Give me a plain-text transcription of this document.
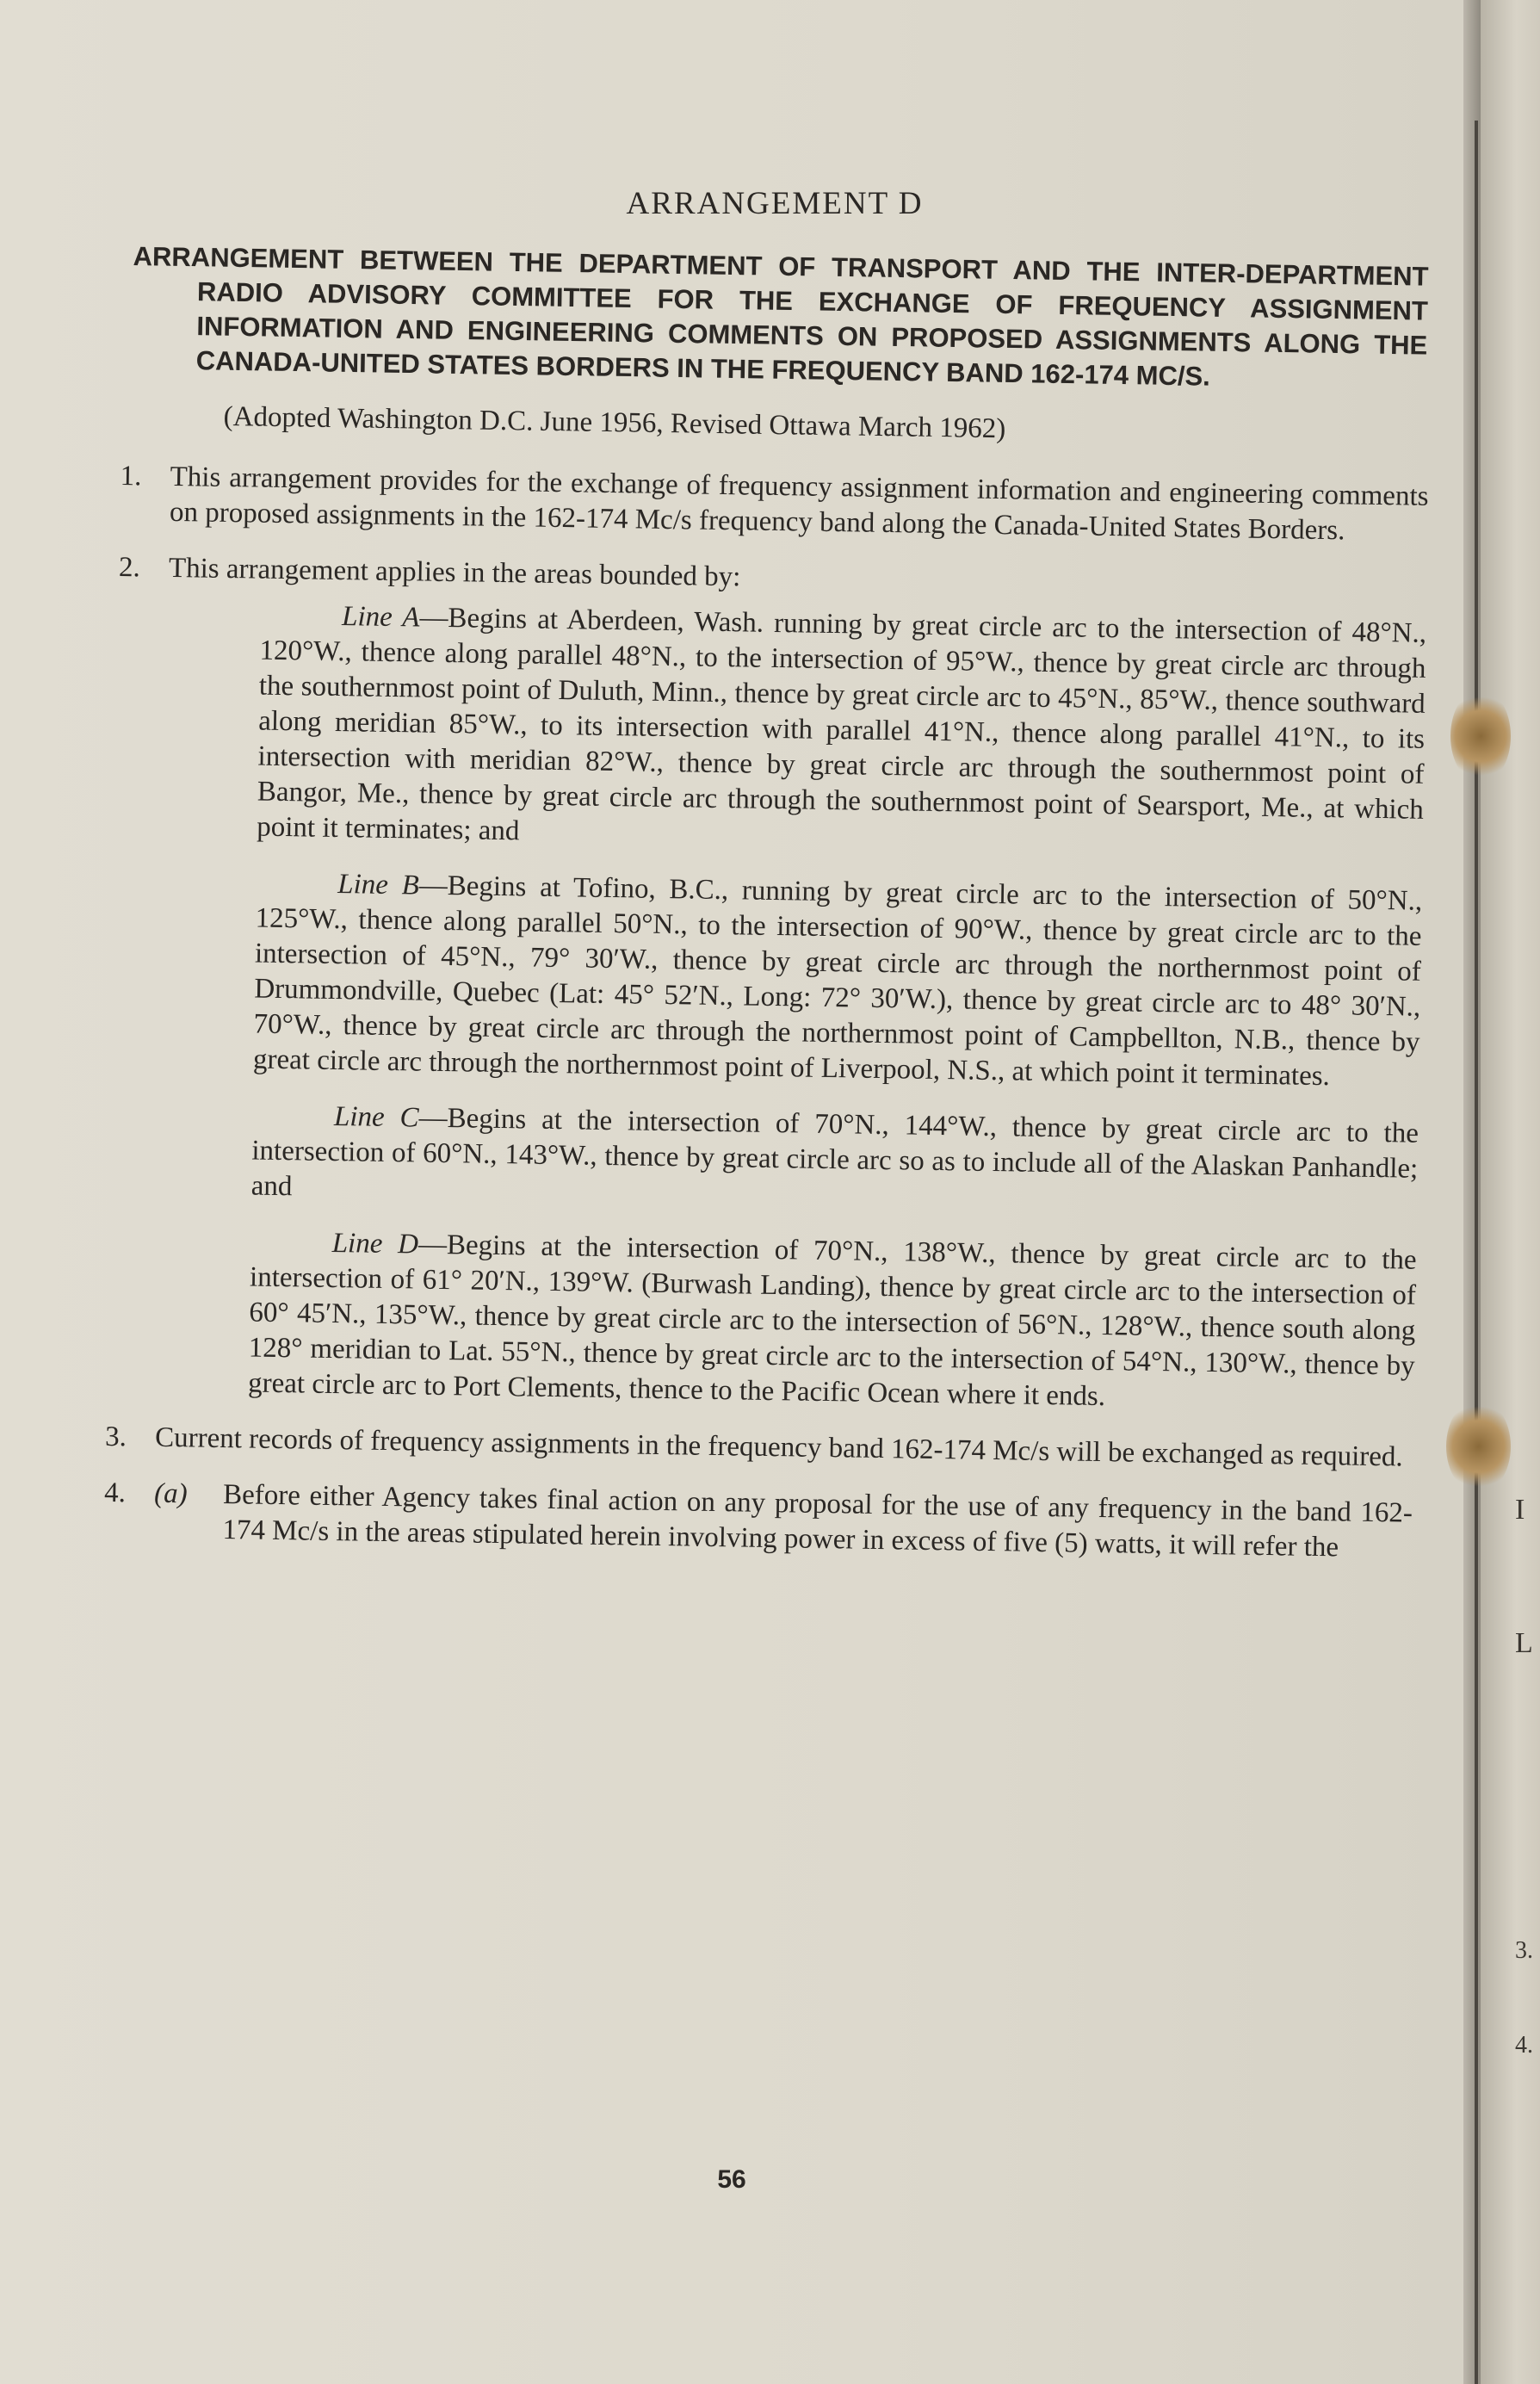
I
L
3.
4.
ARRANGEMENT D
ARRANGEMENT BETWEEN THE DEPARTMENT OF TRANSPORT AND THE INTER-DEPARTMENT RADIO ADVISORY COMMITTEE FOR THE EXCHANGE OF FREQUENCY ASSIGNMENT INFORMATION AND ENGINEERING COMMENTS ON PROPOSED ASSIGNMENTS ALONG THE CANADA-UNITED STATES BORDERS IN THE FREQUENCY BAND 162-174 MC/S.
(Adopted Washington D.C. June 1956, Revised Ottawa March 1962)
1. This arrangement provides for the exchange of frequency assignment information and engineering comments on proposed assignments in the 162-174 Mc/s frequency band along the Canada-United States Borders.
2. This arrangement applies in the areas bounded by:
Line A—Begins at Aberdeen, Wash. running by great circle arc to the intersection of 48°N., 120°W., thence along parallel 48°N., to the intersection of 95°W., thence by great circle arc through the southernmost point of Duluth, Minn., thence by great circle arc to 45°N., 85°W., thence southward along meridian 85°W., to its intersection with parallel 41°N., thence along parallel 41°N., to its intersection with meridian 82°W., thence by great circle arc through the southernmost point of Bangor, Me., thence by great circle arc through the southernmost point of Searsport, Me., at which point it terminates; and
Line B—Begins at Tofino, B.C., running by great circle arc to the intersection of 50°N., 125°W., thence along parallel 50°N., to the intersection of 90°W., thence by great circle arc to the intersection of 45°N., 79° 30′W., thence by great circle arc through the northernmost point of Drummondville, Quebec (Lat: 45° 52′N., Long: 72° 30′W.), thence by great circle arc to 48° 30′N., 70°W., thence by great circle arc through the northernmost point of Campbellton, N.B., thence by great circle arc through the northernmost point of Liverpool, N.S., at which point it terminates.
Line C—Begins at the intersection of 70°N., 144°W., thence by great circle arc to the intersection of 60°N., 143°W., thence by great circle arc so as to include all of the Alaskan Panhandle; and
Line D—Begins at the intersection of 70°N., 138°W., thence by great circle arc to the intersection of 61° 20′N., 139°W. (Burwash Landing), thence by great circle arc to the intersection of 60° 45′N., 135°W., thence by great circle arc to the intersection of 56°N., 128°W., thence south along 128° meridian to Lat. 55°N., thence by great circle arc to the intersection of 54°N., 130°W., thence by great circle arc to Port Clements, thence to the Pacific Ocean where it ends.
3. Current records of frequency assignments in the frequency band 162-174 Mc/s will be exchanged as required.
4. (a)	Before either Agency takes final action on any proposal for the use of any frequency in the band 162-174 Mc/s in the areas stipulated herein involving power in excess of five (5) watts, it will refer the
56
